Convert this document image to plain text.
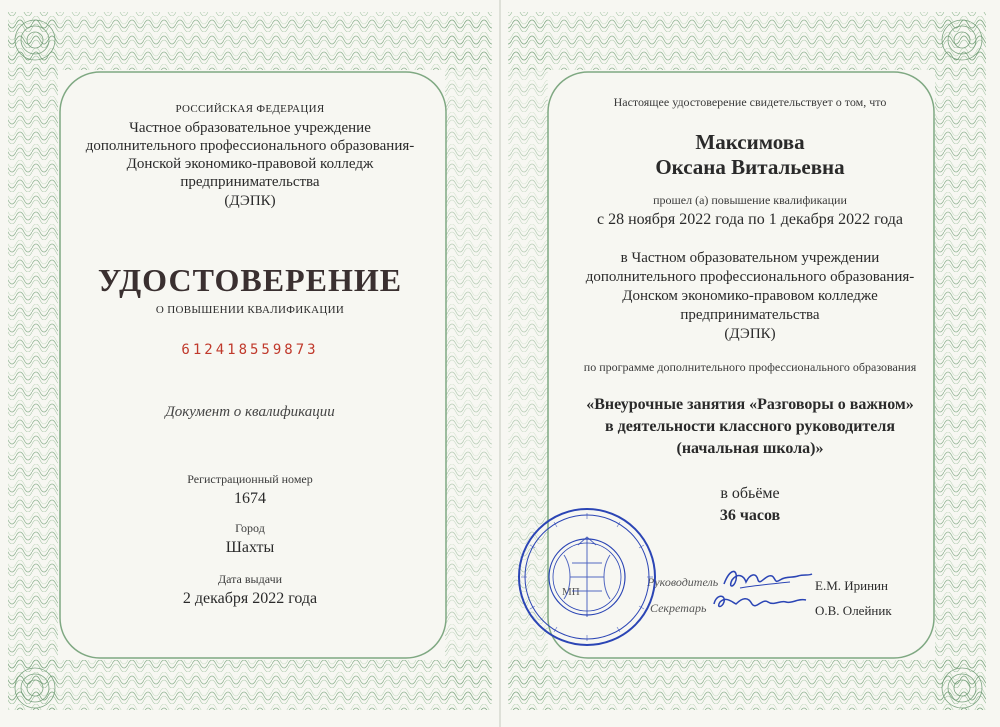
РОССИЙСКАЯ ФЕДЕРАЦИЯ
Частное образовательное учреждение
дополнительного профессионального образования-
Донской экономико-правовой колледж
предпринимательства
(ДЭПК)
УДОСТОВЕРЕНИЕ
О ПОВЫШЕНИИ КВАЛИФИКАЦИИ
612418559873
Документ о квалификации
Регистрационный номер
1674
Город
Шахты
Дата выдачи
2 декабря 2022 года
Настоящее удостоверение свидетельствует о том, что
Максимова
Оксана Витальевна
прошел (а) повышение квалификации
с 28 ноября 2022 года по 1 декабря 2022 года
в Частном образовательном учреждении
дополнительного профессионального образования-
Донском экономико-правовом колледже
предпринимательства
(ДЭПК)
по программе дополнительного профессионального образования
«Внеурочные занятия «Разговоры о важном»
в деятельности классного руководителя
(начальная школа)»
в обьёме
36 часов
Руководитель	Е.М. Иринин
Секретарь	О.В. Олейник
МП
